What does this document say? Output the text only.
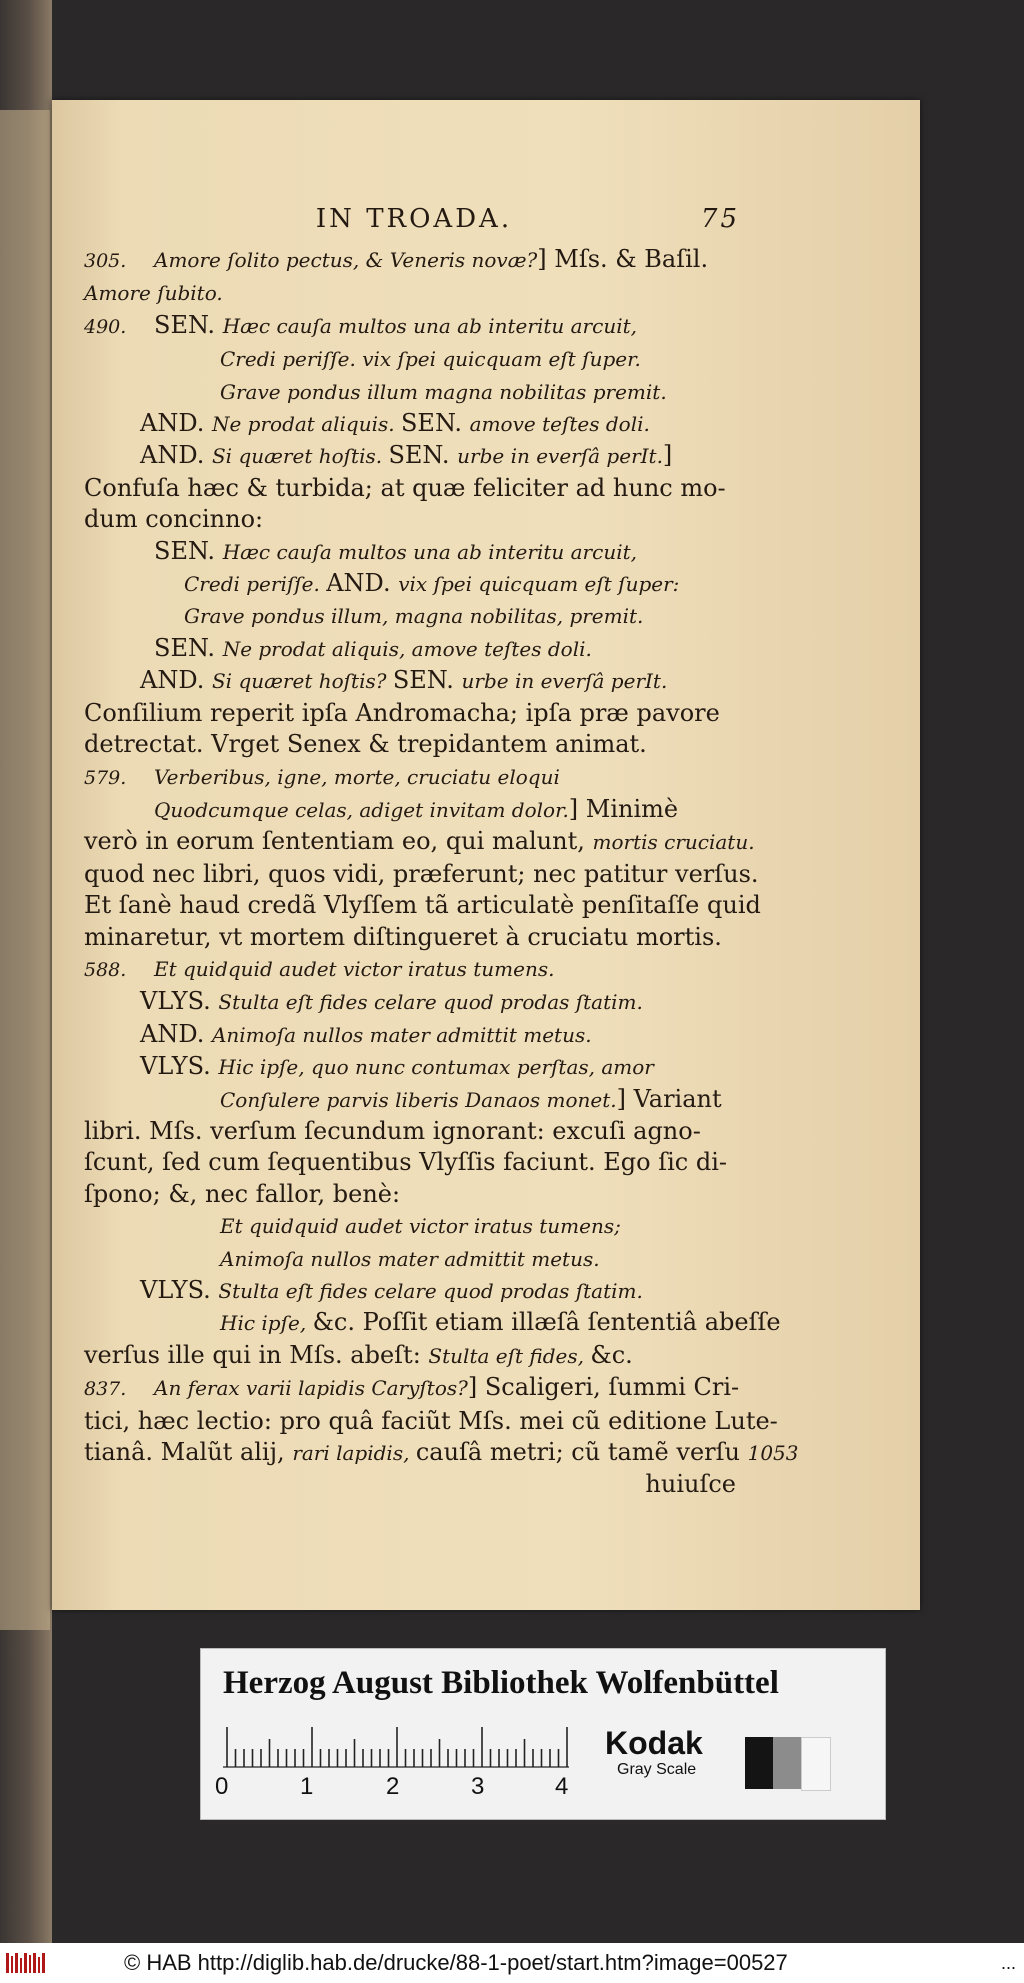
IN TROADA.	75
305. Amore ſolito pectus, & Veneris novæ?] Mſs. & Baſil.
Amore ſubito.
490. SEN. Hæc cauſa multos una ab interitu arcuit,
Credi periſſe. vix ſpei quicquam eſt ſuper.
Grave pondus illum magna nobilitas premit.
AND. Ne prodat aliquis. SEN. amove teſtes doli.
AND. Si quæret hoſtis. SEN. urbe in everſâ perIt.]
Confuſa hæc & turbida; at quæ feliciter ad hunc mo-
dum concinno:
SEN. Hæc cauſa multos una ab interitu arcuit,
Credi periſſe. AND. vix ſpei quicquam eſt ſuper:
Grave pondus illum, magna nobilitas, premit.
SEN. Ne prodat aliquis, amove teſtes doli.
AND. Si quæret hoſtis? SEN. urbe in everſâ perIt.
Conſilium reperit ipſa Andromacha; ipſa præ pavore
detrectat. Vrget Senex & trepidantem animat.
579. Verberibus, igne, morte, cruciatu eloqui
Quodcumque celas, adiget invitam dolor.] Minimè
verò in eorum ſententiam eo, qui malunt, mortis cruciatu.
quod nec libri, quos vidi, præferunt; nec patitur verſus.
Et ſanè haud credã Vlyſſem tã articulatè penſitaſſe quid
minaretur, vt mortem diſtingueret à cruciatu mortis.
588. Et quidquid audet victor iratus tumens.
VLYS. Stulta eſt fides celare quod prodas ſtatim.
AND. Animoſa nullos mater admittit metus.
VLYS. Hic ipſe, quo nunc contumax perſtas, amor
Conſulere parvis liberis Danaos monet.] Variant
libri. Mſs. verſum ſecundum ignorant: excuſi agno-
ſcunt, ſed cum ſequentibus Vlyſſis faciunt. Ego ſic di-
ſpono; &, nec fallor, benè:
Et quidquid audet victor iratus tumens;
Animoſa nullos mater admittit metus.
VLYS. Stulta eſt fides celare quod prodas ſtatim.
Hic ipſe, &c. Poſſit etiam illæſâ ſententiâ abeſſe
verſus ille qui in Mſs. abeſt: Stulta eſt fides, &c.
837. An ferax varii lapidis Caryſtos?] Scaligeri, ſummi Cri-
tici, hæc lectio: pro quâ faciũt Mſs. mei cũ editione Lute-
tianâ. Malũt alij, rari lapidis, cauſâ metri; cũ tamẽ verſu 1053
huiuſce
Herzog August Bibliothek Wolfenbüttel
0	1	2	3	4
Kodak
Gray Scale
© HAB http://diglib.hab.de/drucke/88-1-poet/start.htm?image=00527	...
